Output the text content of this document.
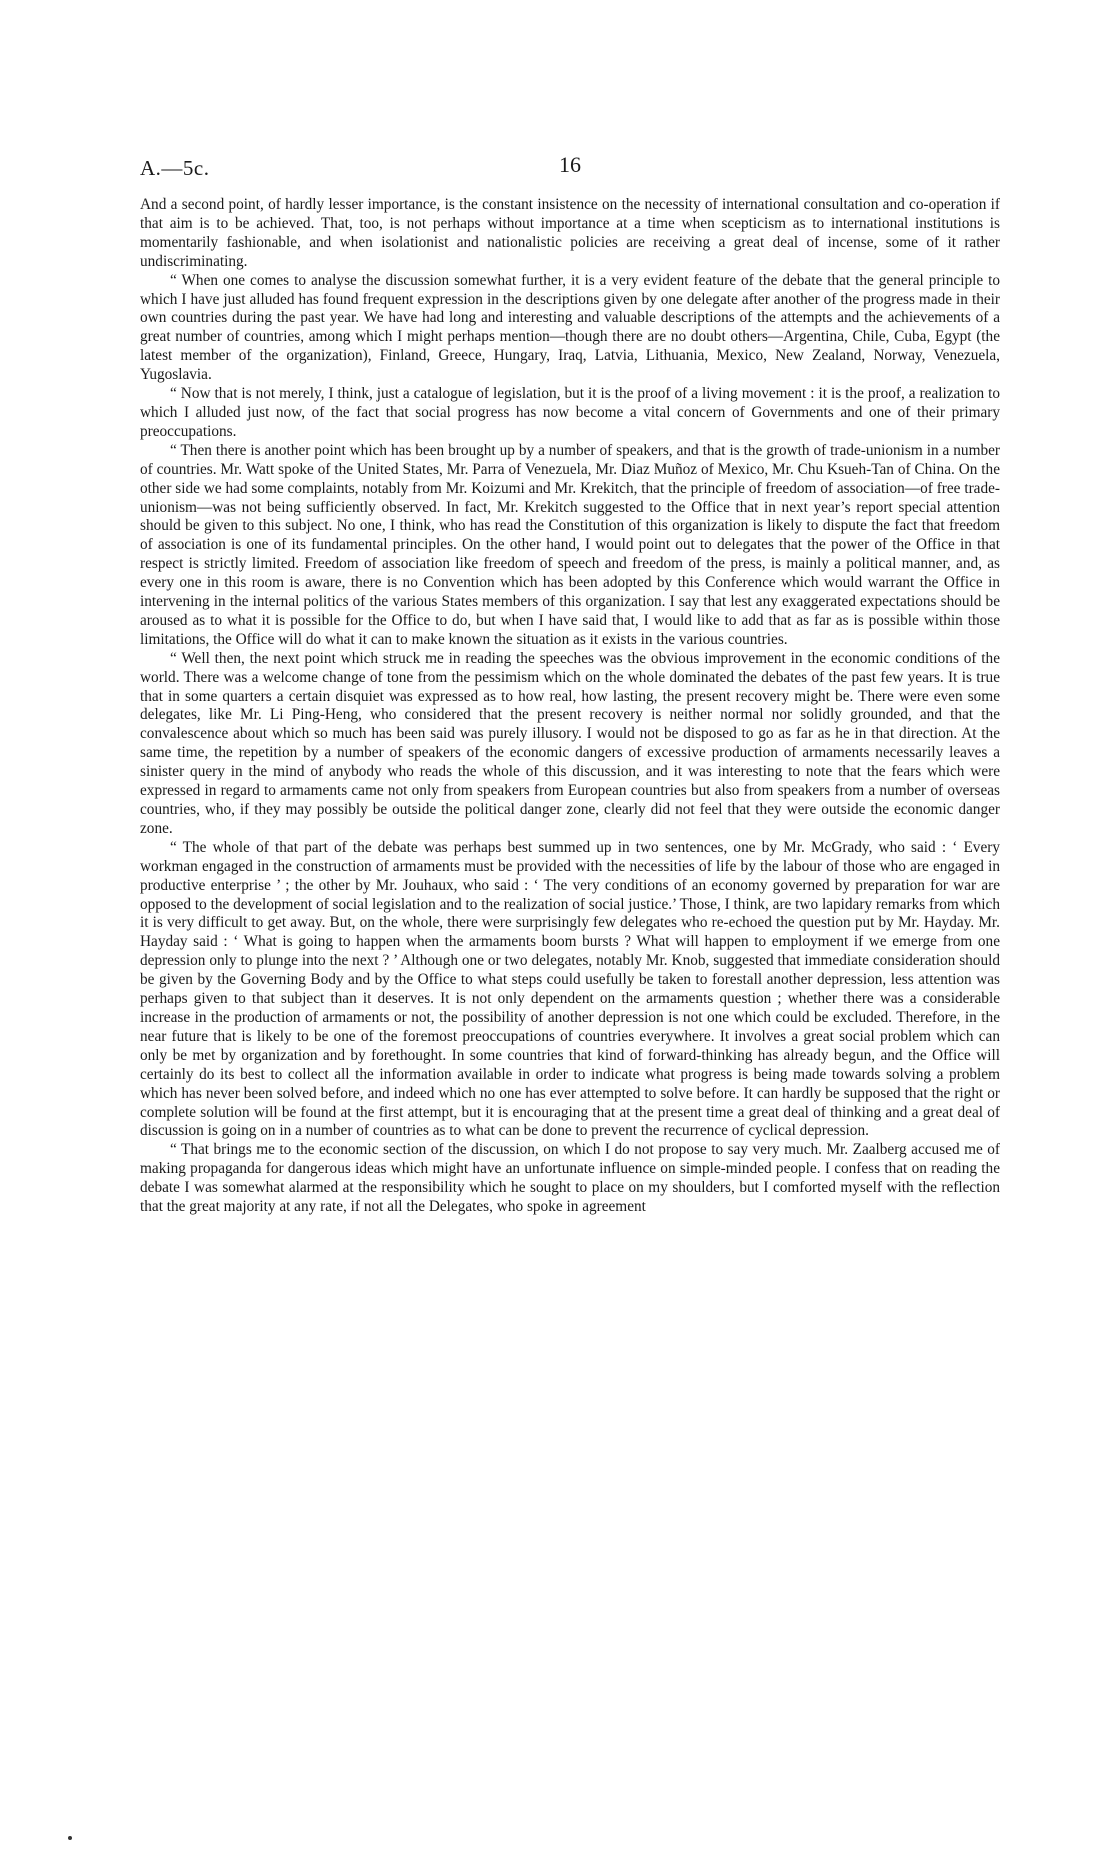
A.—5c.	16

And a second point, of hardly lesser importance, is the constant insistence on the necessity of international consultation and co-operation if that aim is to be achieved. That, too, is not perhaps without importance at a time when scepticism as to international institutions is momentarily fashionable, and when isolationist and nationalistic policies are receiving a great deal of incense, some of it rather undiscriminating.

“ When one comes to analyse the discussion somewhat further, it is a very evident feature of the debate that the general principle to which I have just alluded has found frequent expression in the descriptions given by one delegate after another of the progress made in their own countries during the past year. We have had long and interesting and valuable descriptions of the attempts and the achievements of a great number of countries, among which I might perhaps mention—though there are no doubt others—Argentina, Chile, Cuba, Egypt (the latest member of the organization), Finland, Greece, Hungary, Iraq, Latvia, Lithuania, Mexico, New Zealand, Norway, Venezuela, Yugoslavia.

“ Now that is not merely, I think, just a catalogue of legislation, but it is the proof of a living movement : it is the proof, a realization to which I alluded just now, of the fact that social progress has now become a vital concern of Governments and one of their primary preoccupations.

“ Then there is another point which has been brought up by a number of speakers, and that is the growth of trade-unionism in a number of countries. Mr. Watt spoke of the United States, Mr. Parra of Venezuela, Mr. Diaz Muñoz of Mexico, Mr. Chu Ksueh-Tan of China. On the other side we had some complaints, notably from Mr. Koizumi and Mr. Krekitch, that the principle of freedom of association—of free trade-unionism—was not being sufficiently observed. In fact, Mr. Krekitch suggested to the Office that in next year’s report special attention should be given to this subject. No one, I think, who has read the Constitution of this organization is likely to dispute the fact that freedom of association is one of its fundamental principles. On the other hand, I would point out to delegates that the power of the Office in that respect is strictly limited. Freedom of association like freedom of speech and freedom of the press, is mainly a political manner, and, as every one in this room is aware, there is no Convention which has been adopted by this Conference which would warrant the Office in intervening in the internal politics of the various States members of this organization. I say that lest any exaggerated expectations should be aroused as to what it is possible for the Office to do, but when I have said that, I would like to add that as far as is possible within those limitations, the Office will do what it can to make known the situation as it exists in the various countries.

“ Well then, the next point which struck me in reading the speeches was the obvious improvement in the economic conditions of the world. There was a welcome change of tone from the pessimism which on the whole dominated the debates of the past few years. It is true that in some quarters a certain disquiet was expressed as to how real, how lasting, the present recovery might be. There were even some delegates, like Mr. Li Ping-Heng, who considered that the present recovery is neither normal nor solidly grounded, and that the convalescence about which so much has been said was purely illusory. I would not be disposed to go as far as he in that direction. At the same time, the repetition by a number of speakers of the economic dangers of excessive production of armaments necessarily leaves a sinister query in the mind of anybody who reads the whole of this discussion, and it was interesting to note that the fears which were expressed in regard to armaments came not only from speakers from European countries but also from speakers from a number of overseas countries, who, if they may possibly be outside the political danger zone, clearly did not feel that they were outside the economic danger zone.

“ The whole of that part of the debate was perhaps best summed up in two sentences, one by Mr. McGrady, who said : ‘ Every workman engaged in the construction of armaments must be provided with the necessities of life by the labour of those who are engaged in productive enterprise ’ ; the other by Mr. Jouhaux, who said : ‘ The very conditions of an economy governed by preparation for war are opposed to the development of social legislation and to the realization of social justice.’ Those, I think, are two lapidary remarks from which it is very difficult to get away. But, on the whole, there were surprisingly few delegates who re-echoed the question put by Mr. Hayday. Mr. Hayday said : ‘ What is going to happen when the armaments boom bursts ? What will happen to employment if we emerge from one depression only to plunge into the next ? ’ Although one or two delegates, notably Mr. Knob, suggested that immediate consideration should be given by the Governing Body and by the Office to what steps could usefully be taken to forestall another depression, less attention was perhaps given to that subject than it deserves. It is not only dependent on the armaments question ; whether there was a considerable increase in the production of armaments or not, the possibility of another depression is not one which could be excluded. Therefore, in the near future that is likely to be one of the foremost preoccupations of countries everywhere. It involves a great social problem which can only be met by organization and by forethought. In some countries that kind of forward-thinking has already begun, and the Office will certainly do its best to collect all the information available in order to indicate what progress is being made towards solving a problem which has never been solved before, and indeed which no one has ever attempted to solve before. It can hardly be supposed that the right or complete solution will be found at the first attempt, but it is encouraging that at the present time a great deal of thinking and a great deal of discussion is going on in a number of countries as to what can be done to prevent the recurrence of cyclical depression.

“ That brings me to the economic section of the discussion, on which I do not propose to say very much. Mr. Zaalberg accused me of making propaganda for dangerous ideas which might have an unfortunate influence on simple-minded people. I confess that on reading the debate I was somewhat alarmed at the responsibility which he sought to place on my shoulders, but I comforted myself with the reflection that the great majority at any rate, if not all the Delegates, who spoke in agreement
